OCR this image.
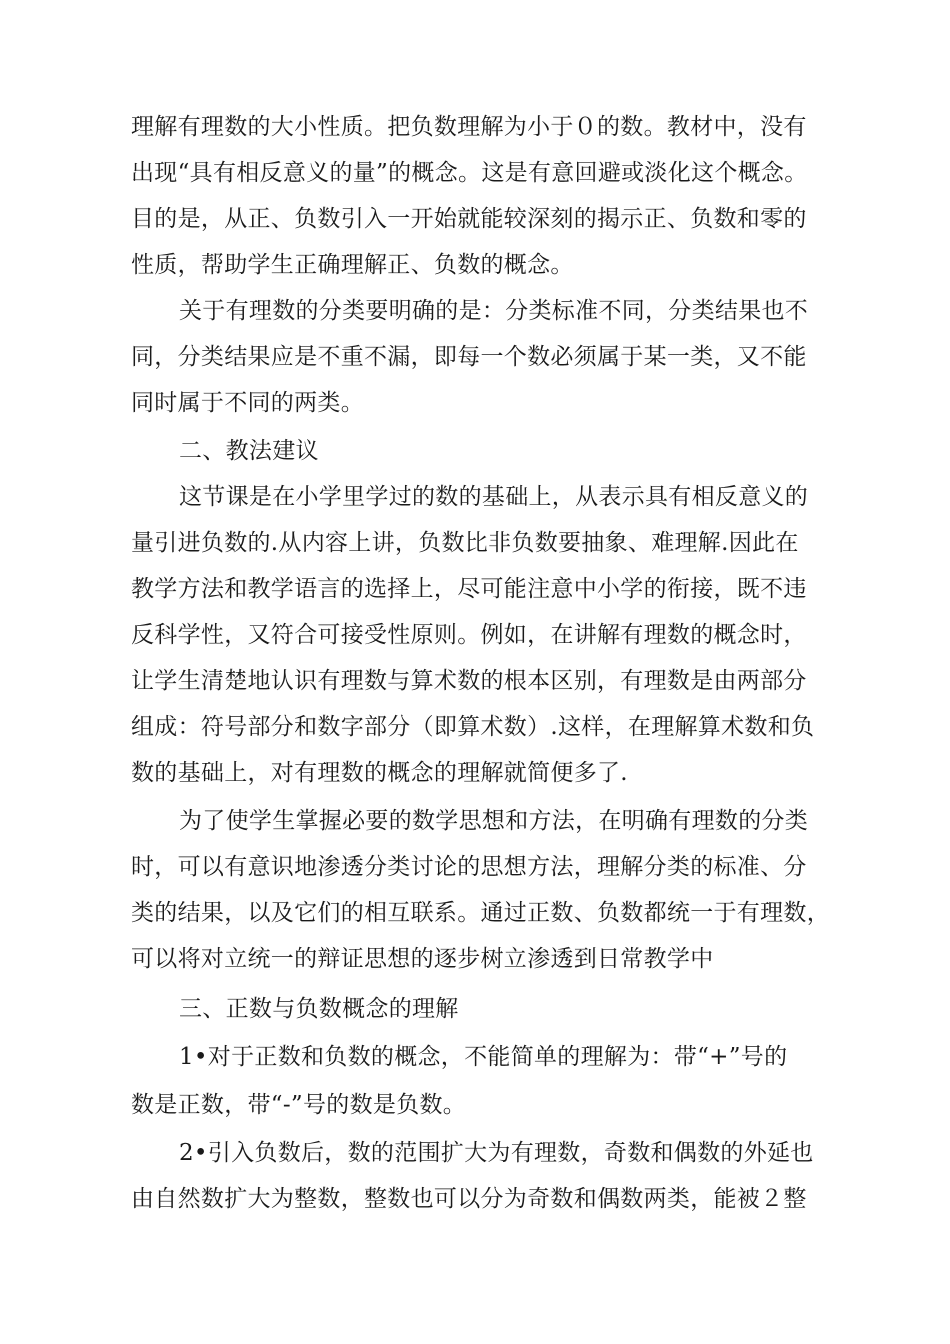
理解有理数的大小性质。把负数理解为小于０的数。教材中，没有
出现“具有相反意义的量”的概念。这是有意回避或淡化这个概念。
目的是，从正、负数引入一开始就能较深刻的揭示正、负数和零的
性质，帮助学生正确理解正、负数的概念。
关于有理数的分类要明确的是：分类标准不同，分类结果也不
同，分类结果应是不重不漏，即每一个数必须属于某一类，又不能
同时属于不同的两类。
二、教法建议
这节课是在小学里学过的数的基础上，从表示具有相反意义的
量引进负数的.从内容上讲，负数比非负数要抽象、难理解.因此在
教学方法和教学语言的选择上，尽可能注意中小学的衔接，既不违
反科学性，又符合可接受性原则。例如，在讲解有理数的概念时，
让学生清楚地认识有理数与算术数的根本区别，有理数是由两部分
组成：符号部分和数字部分（即算术数）.这样，在理解算术数和负
数的基础上，对有理数的概念的理解就简便多了.
为了使学生掌握必要的数学思想和方法，在明确有理数的分类
时，可以有意识地渗透分类讨论的思想方法，理解分类的标准、分
类的结果，以及它们的相互联系。通过正数、负数都统一于有理数，
可以将对立统一的辩证思想的逐步树立渗透到日常教学中
三、正数与负数概念的理解
1•对于正数和负数的概念，不能简单的理解为：带“+”号的
数是正数，带“-”号的数是负数。
2•引入负数后，数的范围扩大为有理数，奇数和偶数的外延也
由自然数扩大为整数，整数也可以分为奇数和偶数两类，能被２整
